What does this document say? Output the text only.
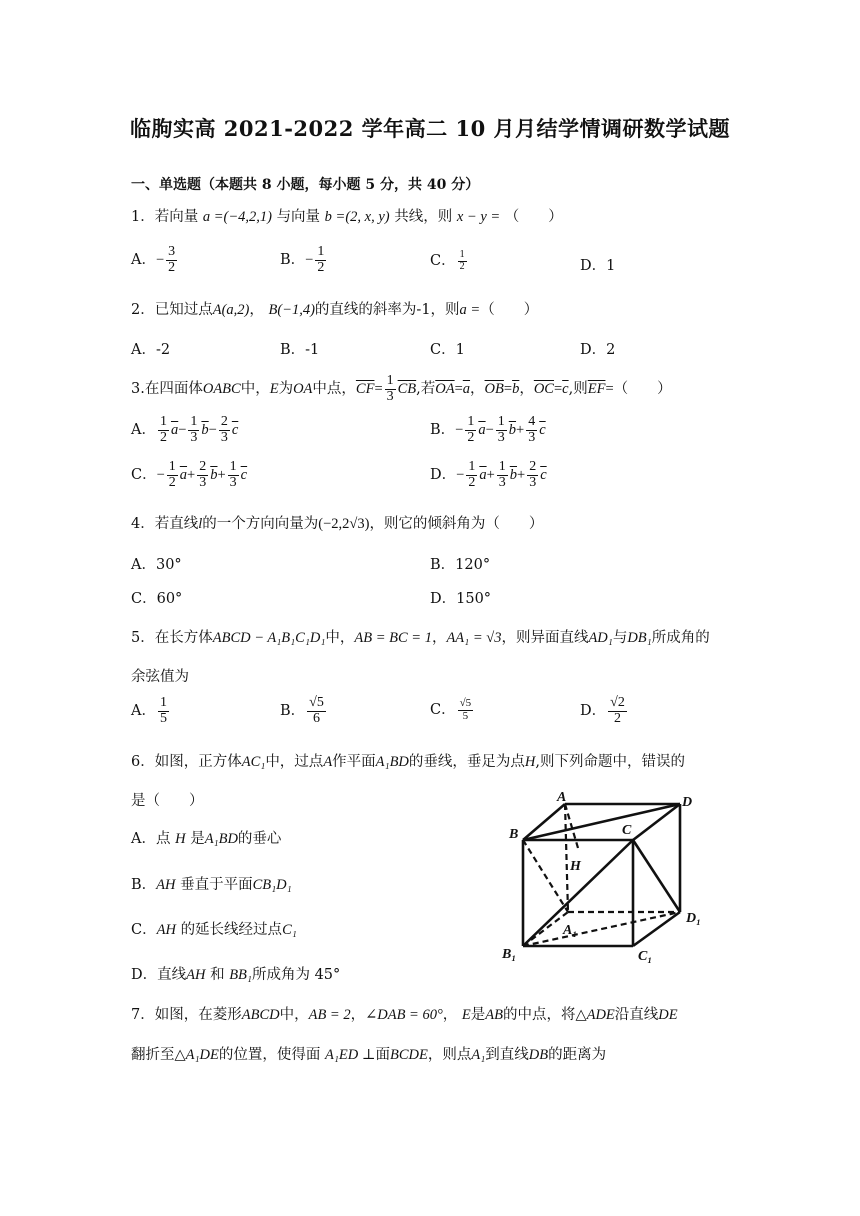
临朐实高 2021-2022 学年高二 10 月月结学情调研数学试题
一、单选题（本题共 8 小题，每小题 5 分，共 40 分）
1．若向量 a =(−4,2,1) 与向量 b =(2, x, y) 共线，则 x − y = （　　）
A．− $\frac{3}{2}$	B．− $\frac{1}{2}$	C． $\frac{1}{2}$	D．1
2．已知过点A(a,2)， B(−1,4)的直线的斜率为-1，则a =（　　）
A．-2	B．-1	C．1	D．2
3.在四面体OABC中，E为OA中点，$\overline{CF}= \frac{1}{3} \overline{CB}$,若$\overline{OA}=\overline{a}$，$\overline{OB}=\overline{b}$，$\overline{OC}=\overline{c}$,则$\overline{EF}=$（　　）
A． $\frac{1}{2} \overline{a}- \frac{1}{3} \overline{b}- \frac{2}{3} \overline{c}$	B．− $\frac{1}{2} \overline{a}- \frac{1}{3} \overline{b}+ \frac{4}{3} \overline{c}$
C．− $\frac{1}{2} \overline{a}+ \frac{2}{3} \overline{b}+ \frac{1}{3} \overline{c}$	D．− $\frac{1}{2} \overline{a}+ \frac{1}{3} \overline{b}+ \frac{2}{3} \overline{c}$
4．若直线l的一个方向向量为(−2,2√3)，则它的倾斜角为（　　）
A．30°	B．120°
C．60°	D．150°
5．在长方体ABCD − A₁B₁C₁D₁中，AB = BC = 1，AA₁ = √3，则异面直线AD₁与DB₁所成角的
余弦值为
A． $\frac{1}{5}$	B． $\frac{√5}{6}$	C． $\frac{√5}{5}$	D． $\frac{√2}{2}$
6．如图，正方体AC₁中，过点A作平面A₁BD的垂线，垂足为点H,则下列命题中，错误的
是（　　）
A．点 H 是A₁BD的垂心
B．AH 垂直于平面CB₁D₁
C．AH 的延长线经过点C₁
D．直线AH 和 BB₁所成角为 45°
A	D
B	C
H
A₁
D₁
B₁	C₁
7．如图，在菱形ABCD中，AB = 2，∠DAB = 60°， E是AB的中点，将△ADE沿直线DE
翻折至△A₁DE的位置，使得面 A₁ED ⊥面BCDE，则点A₁到直线DB的距离为
